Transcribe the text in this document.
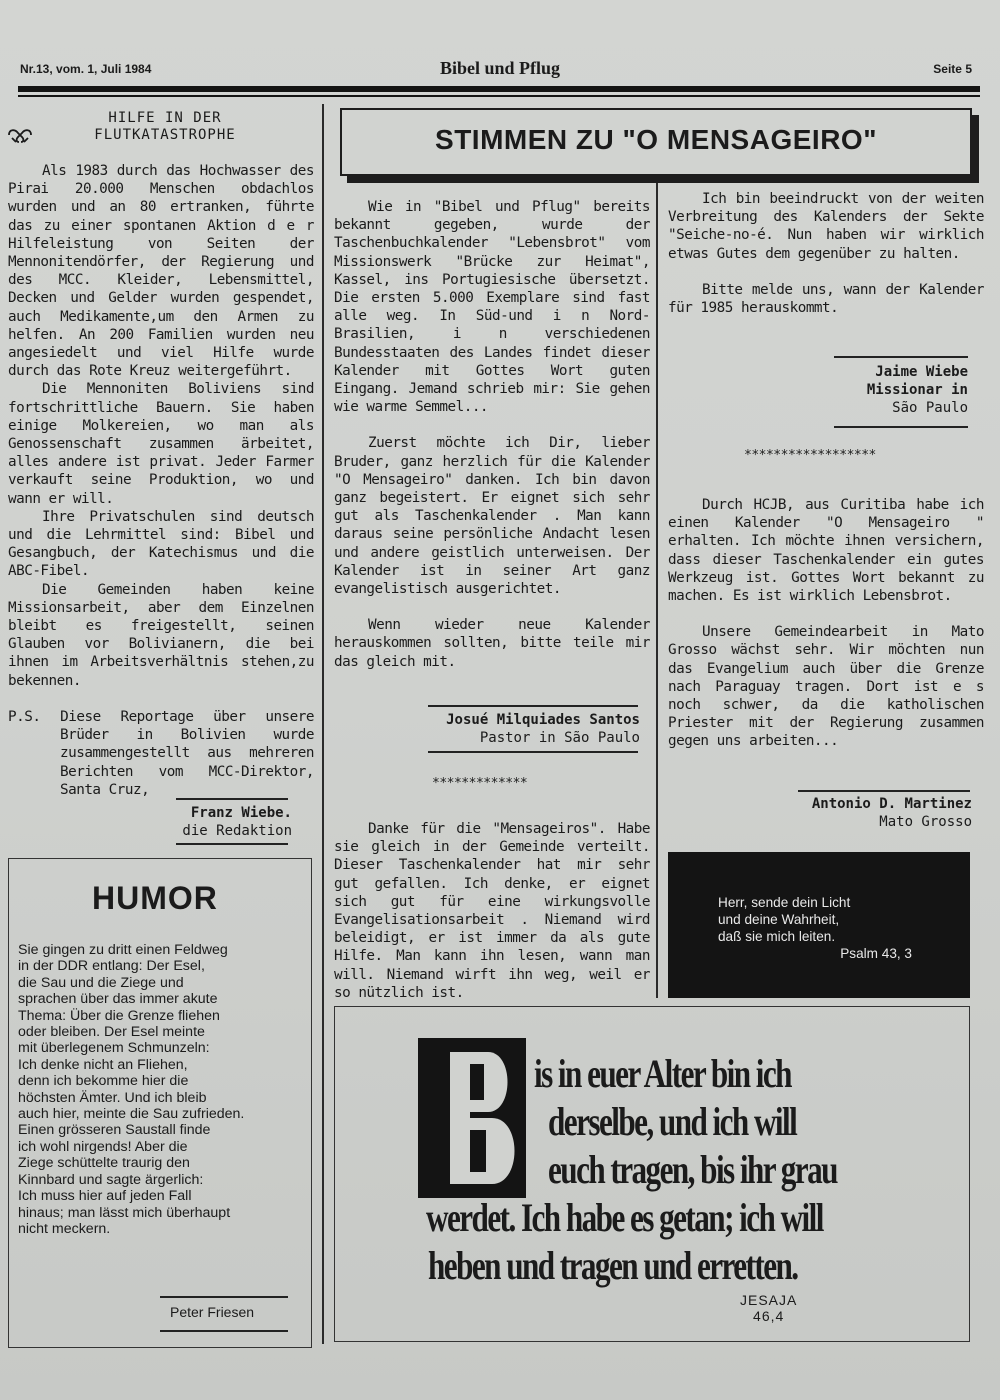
Nr.13, vom. 1, Juli 1984	Bibel und Pflug	Seite 5
HILFE IN DER
FLUTKATASTROPHE

Als 1983 durch das Hochwasser des Pirai 20.000 Menschen obdachlos wurden und an 80 ertranken, führte das zu einer spontanen Aktion d e r Hilfeleistung von Seiten der Mennonitendörfer, der Regierung und des MCC. Kleider, Lebensmittel, Decken und Gelder wurden gespendet, auch Medikamente,um den Armen zu helfen. An 200 Familien wurden neu angesiedelt und viel Hilfe wurde durch das Rote Kreuz weitergeführt.

Die Mennoniten Boliviens sind fortschrittliche Bauern. Sie haben einige Molkereien, wo man als Genossenschaft zusammen ärbeitet, alles andere ist privat. Jeder Farmer verkauft seine Produktion, wo und wann er will.

Ihre Privatschulen sind deutsch und die Lehrmittel sind: Bibel und Gesangbuch, der Katechismus und die ABC-Fibel.

Die Gemeinden haben keine Missionsarbeit, aber dem Einzelnen bleibt es freigestellt, seinen Glauben vor Bolivianern, die bei ihnen im Arbeitsverhältnis stehen,zu bekennen.

P.S. Diese Reportage über unsere Brüder in Bolivien wurde zusammengestellt aus mehreren Berichten vom MCC-Direktor, Santa Cruz,

Franz Wiebe.
die Redaktion
HUMOR
Sie gingen zu dritt einen Feldweg
in der DDR entlang: Der Esel,
die Sau und die Ziege und
sprachen über das immer akute
Thema: Über die Grenze fliehen
oder bleiben. Der Esel meinte
mit überlegenem Schmunzeln:
Ich denke nicht an Fliehen,
denn ich bekomme hier die
höchsten Ämter. Und ich bleib
auch hier, meinte die Sau zufrieden.
Einen grösseren Saustall finde
ich wohl nirgends! Aber die
Ziege schüttelte traurig den
Kinnbard und sagte ärgerlich:
Ich muss hier auf jeden Fall
hinaus; man lässt mich überhaupt
nicht meckern.
Peter Friesen
STIMMEN ZU "O MENSAGEIRO"

Wie in "Bibel und Pflug" bereits bekannt gegeben, wurde der Taschenbuchkalender "Lebensbrot" vom Missionswerk "Brücke zur Heimat", Kassel, ins Portugiesische übersetzt. Die ersten 5.000 Exemplare sind fast alle weg. In Süd-und i n Nord-Brasilien, i n verschiedenen Bundesstaaten des Landes findet dieser Kalender mit Gottes Wort guten Eingang. Jemand schrieb mir: Sie gehen wie warme Semmel...

Zuerst möchte ich Dir, lieber Bruder, ganz herzlich für die Kalender "O Mensageiro" danken. Ich bin davon ganz begeistert. Er eignet sich sehr gut als Taschenkalender . Man kann daraus seine persönliche Andacht lesen und andere geistlich unterweisen. Der Kalender ist in seiner Art ganz evangelistisch ausgerichtet.

Wenn wieder neue Kalender herauskommen sollten, bitte teile mir das gleich mit.

Josué Milquiades Santos
Pastor in São Paulo
*************

Danke für die "Mensageiros". Habe sie gleich in der Gemeinde verteilt. Dieser Taschenkalender hat mir sehr gut gefallen. Ich denke, er eignet sich gut für eine wirkungsvolle Evangelisationsarbeit . Niemand wird beleidigt, er ist immer da als gute Hilfe. Man kann ihn lesen, wann man will. Niemand wirft ihn weg, weil er so nützlich ist.

Ich bin beeindruckt von der weiten Verbreitung des Kalenders der Sekte "Seiche-no-é. Nun haben wir wirklich etwas Gutes dem gegenüber zu halten.

Bitte melde uns, wann der Kalender für 1985 herauskommt.

Jaime Wiebe
Missionar in
São Paulo
******************

Durch HCJB, aus Curitiba habe ich einen Kalender "O Mensageiro " erhalten. Ich möchte ihnen versichern, dass dieser Taschenkalender ein gutes Werkzeug ist. Gottes Wort bekannt zu machen. Es ist wirklich Lebensbrot.

Unsere Gemeindearbeit in Mato Grosso wächst sehr. Wir möchten nun das Evangelium auch über die Grenze nach Paraguay tragen. Dort ist e s noch schwer, da die katholischen Priester mit der Regierung zusammen gegen uns arbeiten...

Antonio D. Martinez
Mato Grosso
Herr, sende dein Licht
und deine Wahrheit,
daß sie mich leiten.
Psalm 43, 3
B	is in euer Alter bin ich
derselbe, und ich will
euch tragen, bis ihr grau
werdet. Ich habe es getan; ich will
heben und tragen und erretten.
JESAJA
46,4
